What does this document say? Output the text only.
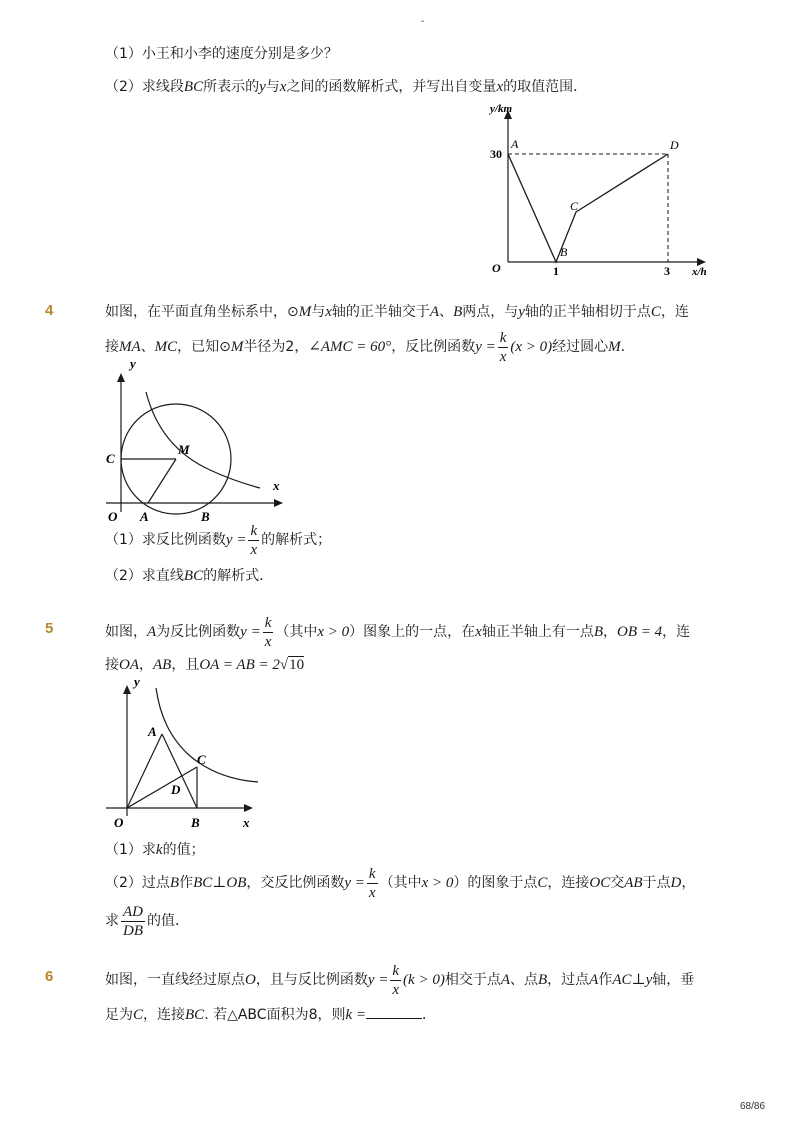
-
68/86
（1）小王和小李的速度分别是多少？
（2）求线段BC所表示的y与x之间的函数解析式，并写出自变量x的取值范围．
y/km
x/h
O
30
1	3
A
B
C
D
4	如图，在平面直角坐标系中，⊙M与x轴的正半轴交于A、B两点，与y轴的正半轴相切于点C，连
接MA、MC，已知⊙M半径为2，∠AMC = 60°，反比例函数$y = \frac{k}{x} (x > 0)$经过圆心M.
y
x
O A	B
C
M
（1）求反比例函数$y = \frac{k}{x}$ 的解析式；
（2）求直线BC的解析式．
5	如图，A为反比例函数$y = \frac{k}{x}$ （其中x > 0）图象上的一点，在x轴正半轴上有一点B，OB = 4，连
接OA，AB，且OA = AB = 2√10
y
x
O
A
B
C
D
（1）求k的值；
（2）过点B作BC⊥OB，交反比例函数$y = \frac{k}{x}$ （其中x > 0）的图象于点C，连接OC交AB于点D，
求 $\frac{AD}{DB}$ 的值．
6	如图，一直线经过原点O，且与反比例函数$y = \frac{k}{x} (k > 0)$相交于点A、点B，过点A作AC⊥y轴，垂
足为C，连接BC. 若△ABC面积为8，则k =	．
